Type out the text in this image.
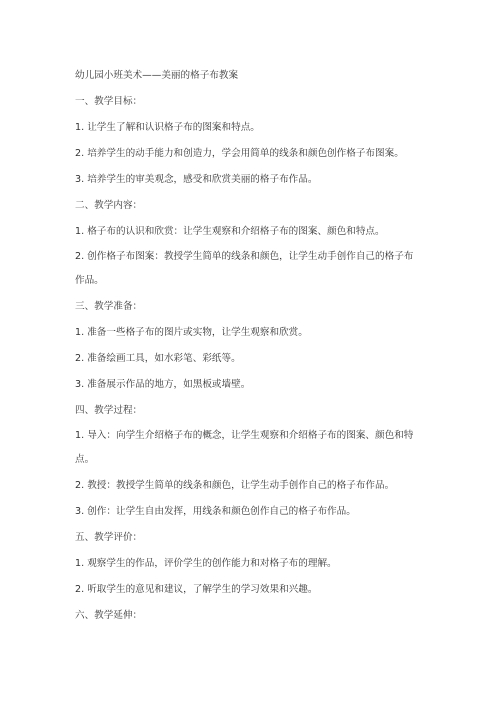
幼儿园小班美术——美丽的格子布教案

一、教学目标：

1. 让学生了解和认识格子布的图案和特点。

2. 培养学生的动手能力和创造力，学会用简单的线条和颜色创作格子布图案。

3. 培养学生的审美观念，感受和欣赏美丽的格子布作品。

二、教学内容：

1. 格子布的认识和欣赏：让学生观察和介绍格子布的图案、颜色和特点。

2. 创作格子布图案：教授学生简单的线条和颜色，让学生动手创作自己的格子布作品。

三、教学准备：

1. 准备一些格子布的图片或实物，让学生观察和欣赏。

2. 准备绘画工具，如水彩笔、彩纸等。

3. 准备展示作品的地方，如黑板或墙壁。

四、教学过程：

1. 导入：向学生介绍格子布的概念，让学生观察和介绍格子布的图案、颜色和特点。

2. 教授：教授学生简单的线条和颜色，让学生动手创作自己的格子布作品。

3. 创作：让学生自由发挥，用线条和颜色创作自己的格子布作品。

五、教学评价：

1. 观察学生的作品，评价学生的创作能力和对格子布的理解。

2. 听取学生的意见和建议，了解学生的学习效果和兴趣。

六、教学延伸：
